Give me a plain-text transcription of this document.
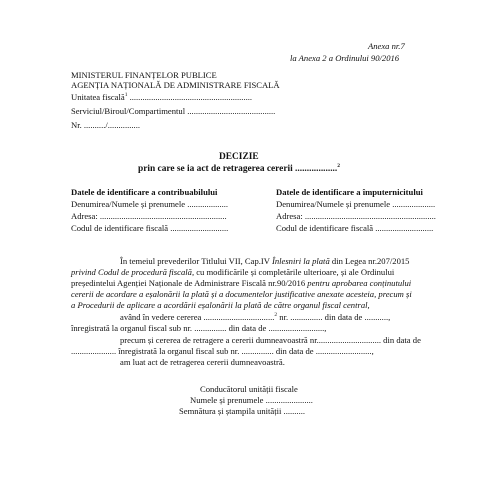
Anexa nr.7
la Anexa 2 a Ordinului 90/2016
MINISTERUL FINANȚELOR PUBLICE
AGENȚIA NAȚIONALĂ DE ADMINISTRARE FISCALĂ
Unitatea fiscală$^1$ .........................................................
Serviciul/Biroul/Compartimentul .........................................
Nr. ........../...............
DECIZIE
prin care se ia act de retragerea cererii ..................$^2$
Datele de identificare a contribuabilului
Denumirea/Numele și prenumele ...................
Adresa: ...........................................................
Codul de identificare fiscală ...........................
Datele de identificare a împuternicitului
Denumirea/Numele și prenumele ....................
Adresa: .............................................................
Codul de identificare fiscală ...........................
În temeiul prevederilor Titlului VII, Cap.IV Înlesniri la plată din Legea nr.207/2015
privind Codul de procedură fiscală, cu modificările și completările ulterioare, și ale Ordinului
președintelui Agenției Naționale de Administrare Fiscală nr.90/2016 pentru aprobarea conținutului
cererii de acordare a eșalonării la plată și a documentelor justificative anexate acesteia, precum și
a Procedurii de aplicare a acordării eșalonării la plată de către organul fiscal central,
având în vedere cererea .................................$^2$ nr. ............... din data de ...........,
înregistrată la organul fiscal sub nr. ............... din data de ..........................,
precum și cererea de retragere a cererii dumneavoastră nr.............................. din data de
..................... înregistrată la organul fiscal sub nr. ............... din data de ..........................,
am luat act de retragerea cererii dumneavoastră.
Conducătorul unității fiscale
Numele și prenumele ......................
Semnătura și ștampila unității ..........
